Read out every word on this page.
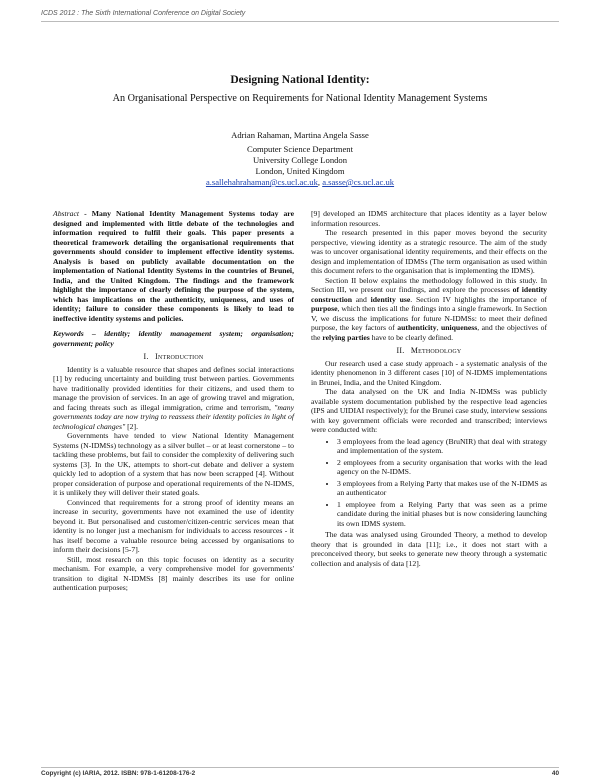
ICDS 2012 : The Sixth International Conference on Digital Society
Designing National Identity:
An Organisational Perspective on Requirements for National Identity Management Systems
Adrian Rahaman, Martina Angela Sasse
Computer Science Department
University College London
London, United Kingdom
a.sallehahrahaman@cs.ucl.ac.uk, a.sasse@cs.ucl.ac.uk

Abstract - Many National Identity Management Systems today are designed and implemented with little debate of the technologies and information required to fulfil their goals. This paper presents a theoretical framework detailing the organisational requirements that governments should consider to implement effective identity systems. Analysis is based on publicly available documentation on the implementation of National Identity Systems in the countries of Brunei, India, and the United Kingdom. The findings and the framework highlight the importance of clearly defining the purpose of the system, which has implications on the authenticity, uniqueness, and uses of identity; failure to consider these components is likely to lead to ineffective identity systems and policies.

Keywords – identity; identity management system; organisation; government; policy

I. Introduction

Identity is a valuable resource that shapes and defines social interactions [1] by reducing uncertainty and building trust between parties. Governments have traditionally provided identities for their citizens, and used them to manage the provision of services. In an age of growing travel and migration, and facing threats such as illegal immigration, crime and terrorism, "many governments today are now trying to reassess their identity policies in light of technological changes" [2].

Governments have tended to view National Identity Management Systems (N-IDMSs) technology as a silver bullet – or at least cornerstone – to tackling these problems, but fail to consider the complexity of delivering such systems [3]. In the UK, attempts to short-cut debate and deliver a system quickly led to adoption of a system that has now been scrapped [4]. Without proper consideration of purpose and operational requirements of the N-IDMS, it is unlikely they will deliver their stated goals.

Convinced that requirements for a strong proof of identity means an increase in security, governments have not examined the use of identity beyond it. But personalised and customer/citizen-centric services mean that identity is no longer just a mechanism for individuals to access resources - it has itself become a valuable resource being accessed by organisations to inform their decisions [5-7].

Still, most research on this topic focuses on identity as a security mechanism. For example, a very comprehensive model for governments' transition to digital N-IDMSs [8] mainly describes its use for online authentication purposes;

[9] developed an IDMS architecture that places identity as a layer below information resources.

The research presented in this paper moves beyond the security perspective, viewing identity as a strategic resource. The aim of the study was to uncover organisational identity requirements, and their effects on the design and implementation of IDMSs (The term organisation as used within this document refers to the organisation that is implementing the IDMS).

Section II below explains the methodology followed in this study. In Section III, we present our findings, and explore the processes of identity construction and identity use. Section IV highlights the importance of purpose, which then ties all the findings into a single framework. In Section V, we discuss the implications for future N-IDMSs: to meet their defined purpose, the key factors of authenticity, uniqueness, and the objectives of the relying parties have to be clearly defined.

II. Methodology

Our research used a case study approach - a systematic analysis of the identity phenomenon in 3 different cases [10] of N-IDMS implementations in Brunei, India, and the United Kingdom.

The data analysed on the UK and India N-IDMSs was publicly available system documentation published by the respective lead agencies (IPS and UIDIAI respectively); for the Brunei case study, interview sessions with key government officials were recorded and transcribed; interviews were conducted with:

• 3 employees from the lead agency (BruNIR) that deal with strategy and implementation of the system.
• 2 employees from a security organisation that works with the lead agency on the N-IDMS.
• 3 employees from a Relying Party that makes use of the N-IDMS as an authenticator
• 1 employee from a Relying Party that was seen as a prime candidate during the initial phases but is now considering launching its own IDMS system.

The data was analysed using Grounded Theory, a method to develop theory that is grounded in data [11]; i.e., it does not start with a preconceived theory, but seeks to generate new theory through a systematic collection and analysis of data [12].

Copyright (c) IARIA, 2012. ISBN: 978-1-61208-176-2	40
